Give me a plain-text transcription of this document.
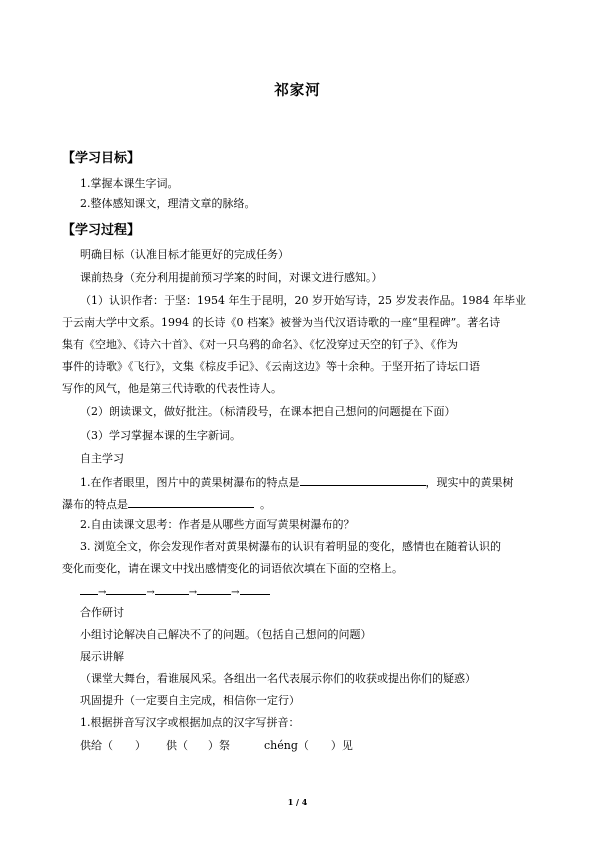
祁家河
【学习目标】
1.掌握本课生字词。
2.整体感知课文，理清文章的脉络。
【学习过程】
明确目标（认准目标才能更好的完成任务）
课前热身（充分利用提前预习学案的时间，对课文进行感知。）
（1）认识作者：于坚：1954 年生于昆明，20 岁开始写诗，25 岁发表作品。1984 年毕业
于云南大学中文系。1994 的长诗《0 档案》被誉为当代汉语诗歌的一座“里程碑”。著名诗
集有《空地》、《诗六十首》、《对一只乌鸦的命名》、《忆没穿过天空的钉子》、《作为
事件的诗歌》《飞行》，文集《棕皮手记》、《云南这边》等十余种。于坚开拓了诗坛口语
写作的风气，他是第三代诗歌的代表性诗人。
（2）朗读课文，做好批注。（标清段号，在课本把自己想问的问题提在下面）
（3）学习掌握本课的生字新词。
自主学习
1.在作者眼里，图片中的黄果树瀑布的特点是	，现实中的黄果树
瀑布的特点是	。
2.自由读课文思考：作者是从哪些方面写黄果树瀑布的？
3. 浏览全文，你会发现作者对黄果树瀑布的认识有着明显的变化，感情也在随着认识的
变化而变化，请在课文中找出感情变化的词语依次填在下面的空格上。
→	→	→	→
合作研讨
小组讨论解决自己解决不了的问题。（包括自己想问的问题）
展示讲解
（课堂大舞台，看谁展风采。各组出一名代表展示你们的收获或提出你们的疑惑）
巩固提升（一定要自主完成，相信你一定行）
1.根据拼音写汉字或根据加点的汉字写拼音：
供给（ ） 供（ ）祭	chéng（ ）见
1 / 4
